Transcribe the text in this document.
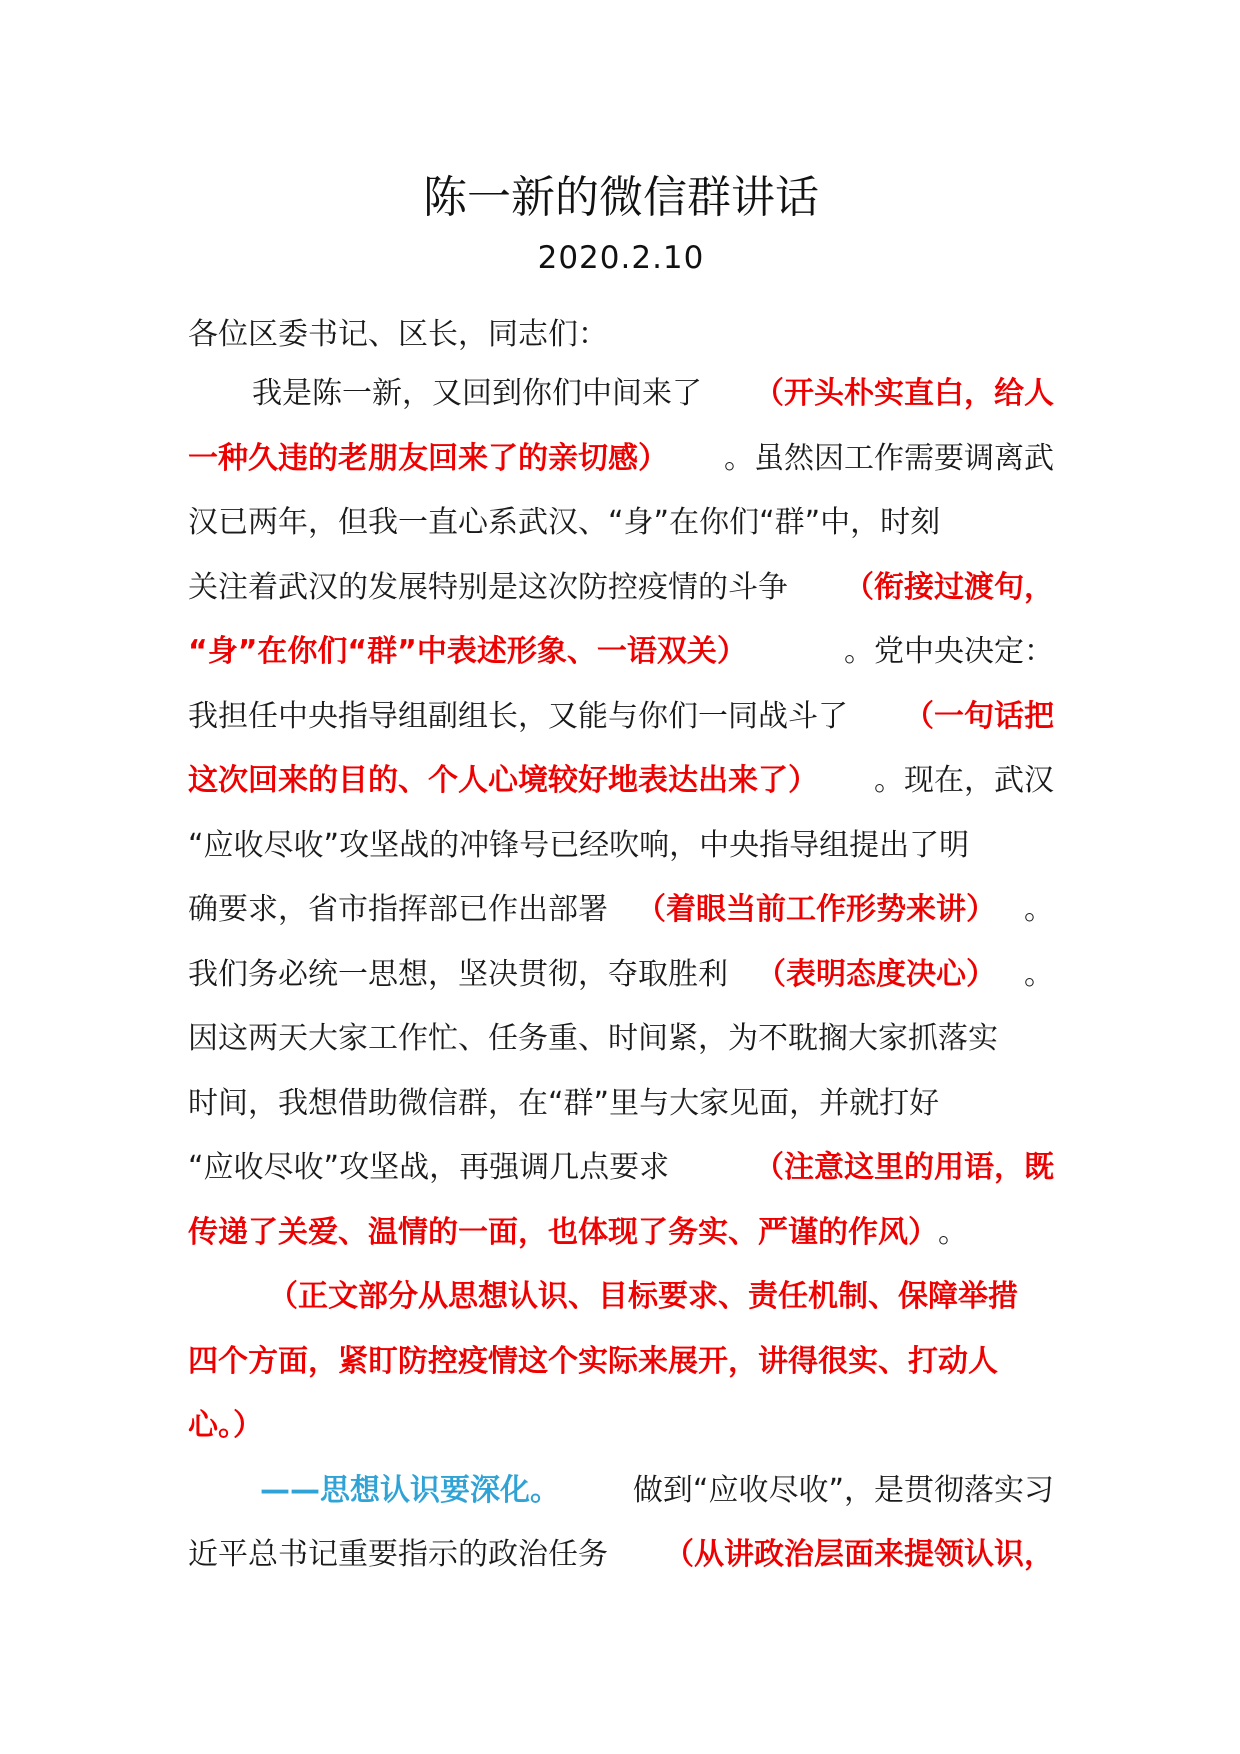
陈一新的微信群讲话
2020.2.10
各位区委书记、区长，同志们：
我是陈一新，又回到你们中间来了 （开头朴实直白，给人
一种久违的老朋友回来了的亲切感） 。虽然因工作需要调离武
汉已两年，但我一直心系武汉、“身”在你们“群”中，时刻
关注着武汉的发展特别是这次防控疫情的斗争 （衔接过渡句，
“身”在你们“群”中表述形象、一语双关）	。党中央决定：
我担任中央指导组副组长，又能与你们一同战斗了 （一句话把
这次回来的目的、个人心境较好地表达出来了） 。现在，武汉
“应收尽收”攻坚战的冲锋号已经吹响，中央指导组提出了明
确要求，省市指挥部已作出部署 （着眼当前工作形势来讲） 。
我们务必统一思想，坚决贯彻，夺取胜利 （表明态度决心） 。
因这两天大家工作忙、任务重、时间紧，为不耽搁大家抓落实
时间，我想借助微信群，在“群”里与大家见面，并就打好
“应收尽收”攻坚战，再强调几点要求	（注意这里的用语，既
传递了关爱、温情的一面，也体现了务实、严谨的作风） 。
（正文部分从思想认识、目标要求、责任机制、保障举措
四个方面，紧盯防控疫情这个实际来展开，讲得很实、打动人
心。）
——思想认识要深化。 做到“应收尽收”，是贯彻落实习
近平总书记重要指示的政治任务 （从讲政治层面来提领认识，
